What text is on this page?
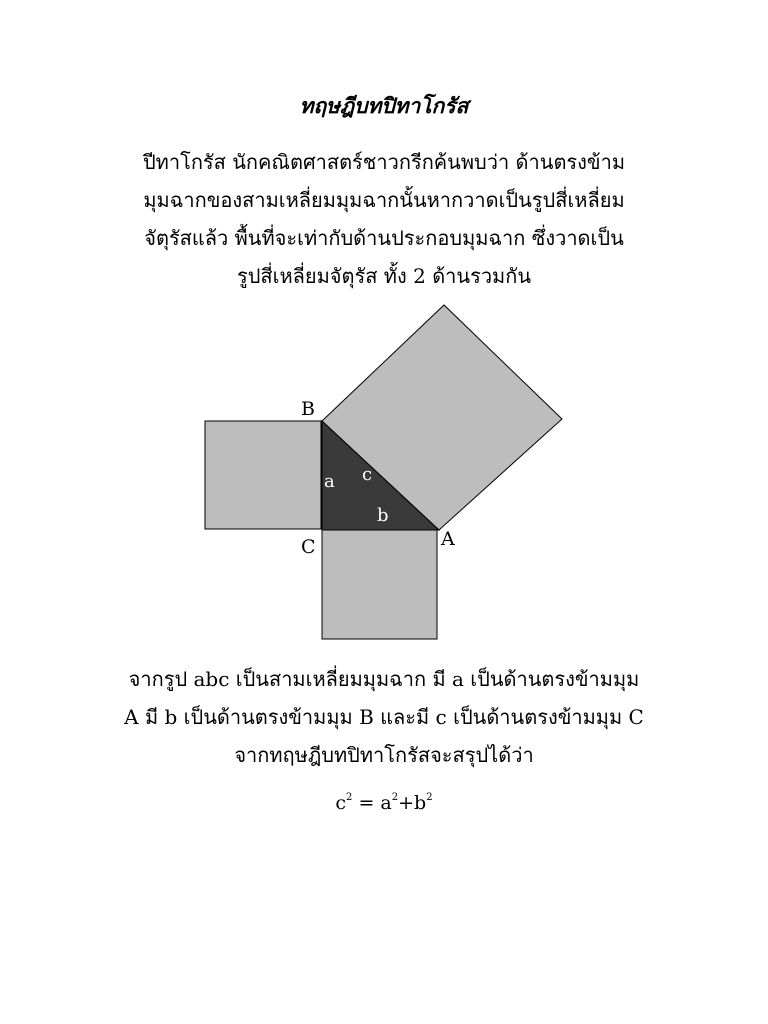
ทฤษฎีบทปิทาโกรัส
ปีทาโกรัส นักคณิตศาสตร์ชาวกรีกค้นพบว่า ด้านตรงข้าม
มุมฉากของสามเหลี่ยมมุมฉากนั้นหากวาดเป็นรูปสี่เหลี่ยม
จัตุรัสแล้ว พื้นที่จะเท่ากับด้านประกอบมุมฉาก ซึ่งวาดเป็น
รูปสี่เหลี่ยมจัตุรัส ทั้ง 2 ด้านรวมกัน
B
C	A
a c
b
จากรูป abc เป็นสามเหลี่ยมมุมฉาก มี a เป็นด้านตรงข้ามมุม
A มี b เป็นด้านตรงข้ามมุม B และมี c เป็นด้านตรงข้ามมุม C
จากทฤษฎีบทปิทาโกรัสจะสรุปได้ว่า
$c^2 = a^2+b^2$
